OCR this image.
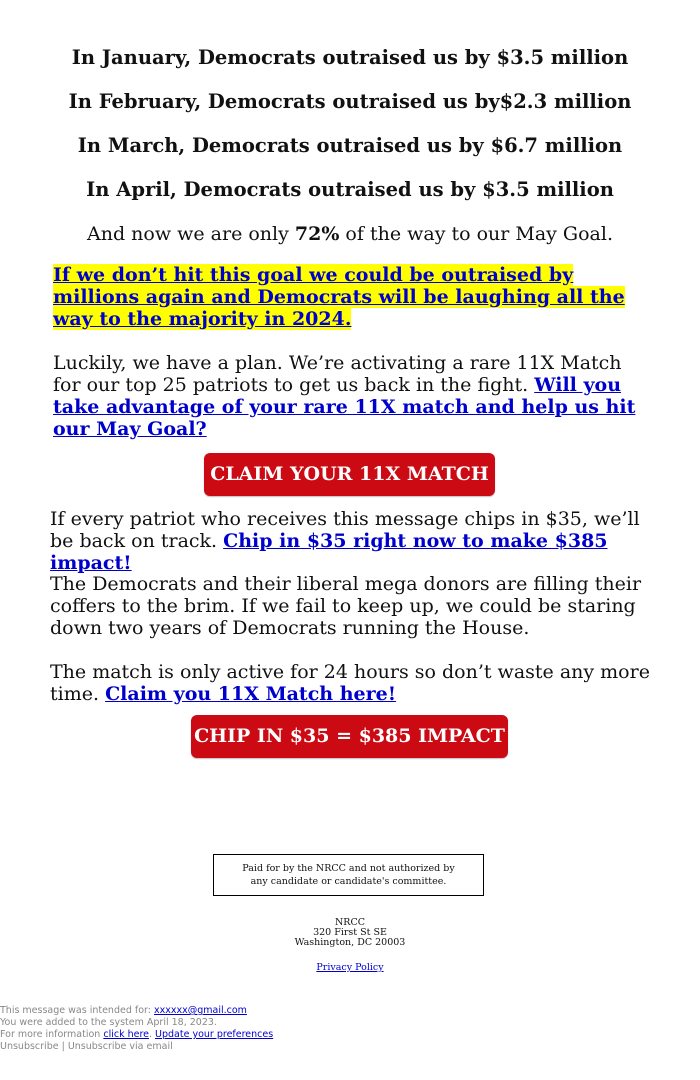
In January, Democrats outraised us by $3.5 million
In February, Democrats outraised us by$2.3 million
In March, Democrats outraised us by $6.7 million
In April, Democrats outraised us by $3.5 million
And now we are only 72% of the way to our May Goal.

If we don’t hit this goal we could be outraised by millions again and Democrats will be laughing all the way to the majority in 2024.

Luckily, we have a plan. We’re activating a rare 11X Match for our top 25 patriots to get us back in the fight. Will you take advantage of your rare 11X match and help us hit our May Goal?

CLAIM YOUR 11X MATCH

If every patriot who receives this message chips in $35, we’ll be back on track. Chip in $35 right now to make $385 impact!

The Democrats and their liberal mega donors are filling their coffers to the brim. If we fail to keep up, we could be staring down two years of Democrats running the House.

The match is only active for 24 hours so don’t waste any more time. Claim you 11X Match here!

CHIP IN $35 = $385 IMPACT
Paid for by the NRCC and not authorized by any candidate or candidate's committee.
NRCC
320 First St SE
Washington, DC 20003
Privacy Policy
This message was intended for: xxxxxx@gmail.com
You were added to the system April 18, 2023.
For more information click here. Update your preferences
Unsubscribe | Unsubscribe via email
